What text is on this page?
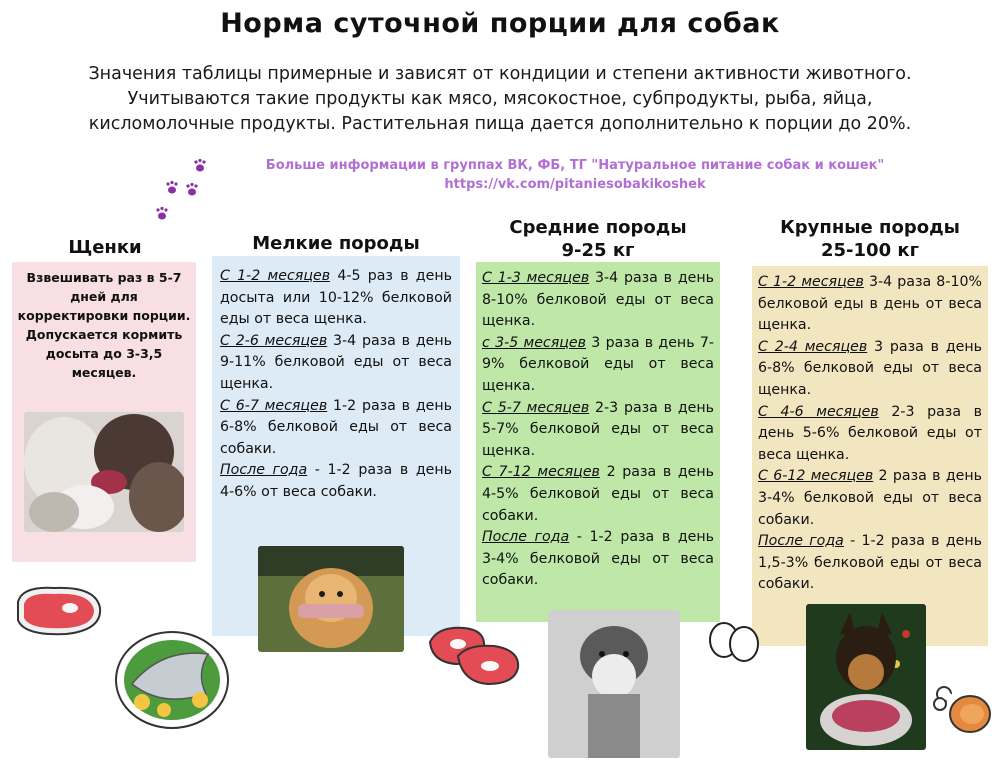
Норма суточной порции для собак
Значения таблицы примерные и зависят от кондиции и степени активности животного.
Учитываются такие продукты как мясо, мясокостное, субпродукты, рыба, яйца,
кисломолочные продукты. Растительная пища дается дополнительно к порции до 20%.
Больше информации в группах ВК, ФБ, ТГ "Натуральное питание собак и кошек"
https://vk.com/pitaniesobakikoshek
Щенки	Мелкие породы
Средние породы
9-25 кг
Крупные породы
25-100 кг
Взвешивать раз в 5-7 дней для корректировки порции. Допускается кормить досыта до 3-3,5 месяцев.

С 1-2 месяцев 4-5 раз в день досыта или 10-12% белковой еды от веса щенка.

С 2-6 месяцев 3-4 раза в день 9-11% белковой еды от веса щенка.

С 6-7 месяцев 1-2 раза в день 6-8% белковой еды от веса собаки.

После года - 1-2 раза в день 4-6% от веса собаки.

С 1-3 месяцев 3-4 раза в день 8-10% белковой еды от веса щенка.

с 3-5 месяцев 3 раза в день 7-9% белковой еды от веса щенка.

С 5-7 месяцев 2-3 раза в день 5-7% белковой еды от веса щенка.

С 7-12 месяцев 2 раза в день 4-5% белковой еды от веса собаки.

После года - 1-2 раза в день 3-4% белковой еды от веса собаки.

С 1-2 месяцев 3-4 раза 8-10% белковой еды в день от веса щенка.

С 2-4 месяцев 3 раза в день 6-8% белковой еды от веса щенка.

С 4-6 месяцев 2-3 раза в день 5-6% белковой еды от веса щенка.

С 6-12 месяцев 2 раза в день 3-4% белковой еды от веса собаки.

После года - 1-2 раза в день 1,5-3% белковой еды от веса собаки.
